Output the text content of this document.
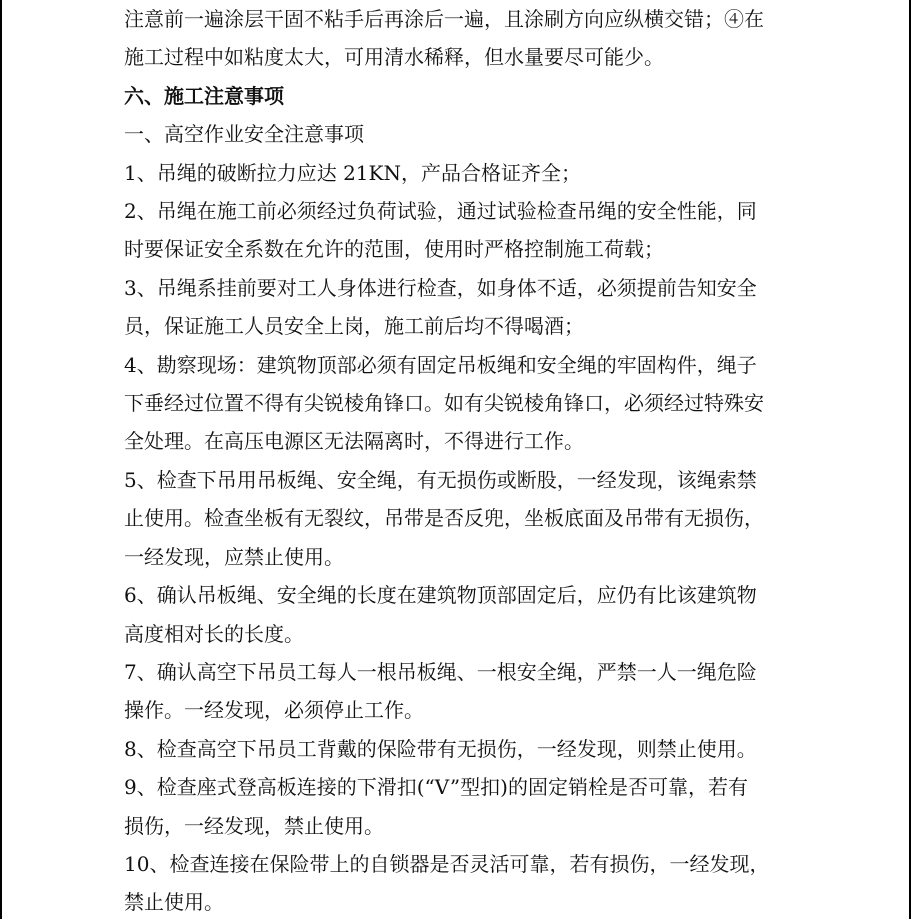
注意前一遍涂层干固不粘手后再涂后一遍，且涂刷方向应纵横交错；④在

施工过程中如粘度太大，可用清水稀释，但水量要尽可能少。

六、施工注意事项

一、高空作业安全注意事项

1、吊绳的破断拉力应达 21KN，产品合格证齐全；

2、吊绳在施工前必须经过负荷试验，通过试验检查吊绳的安全性能，同

时要保证安全系数在允许的范围，使用时严格控制施工荷载；

3、吊绳系挂前要对工人身体进行检查，如身体不适，必须提前告知安全

员，保证施工人员安全上岗，施工前后均不得喝酒；

4、勘察现场：建筑物顶部必须有固定吊板绳和安全绳的牢固构件，绳子

下垂经过位置不得有尖锐棱角锋口。如有尖锐棱角锋口，必须经过特殊安

全处理。在高压电源区无法隔离时，不得进行工作。

5、检查下吊用吊板绳、安全绳，有无损伤或断股，一经发现，该绳索禁

止使用。检查坐板有无裂纹，吊带是否反兜，坐板底面及吊带有无损伤，

一经发现，应禁止使用。

6、确认吊板绳、安全绳的长度在建筑物顶部固定后，应仍有比该建筑物

高度相对长的长度。

7、确认高空下吊员工每人一根吊板绳、一根安全绳，严禁一人一绳危险

操作。一经发现，必须停止工作。

8、检查高空下吊员工背戴的保险带有无损伤，一经发现，则禁止使用。

9、检查座式登高板连接的下滑扣(“V”型扣)的固定销栓是否可靠，若有

损伤，一经发现，禁止使用。

10、检查连接在保险带上的自锁器是否灵活可靠，若有损伤，一经发现，

禁止使用。
